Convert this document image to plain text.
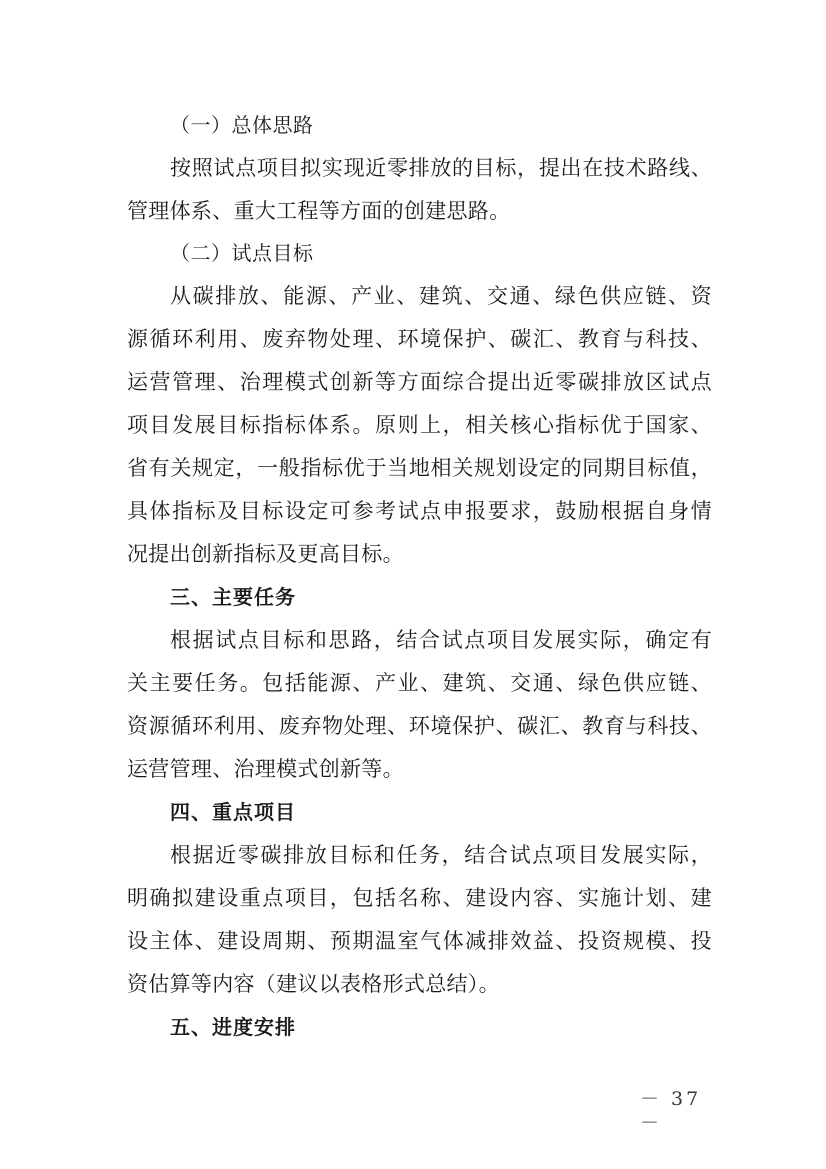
（一）总体思路
按照试点项目拟实现近零排放的目标，提出在技术路线、
管理体系、重大工程等方面的创建思路。
（二）试点目标
从碳排放、能源、产业、建筑、交通、绿色供应链、资
源循环利用、废弃物处理、环境保护、碳汇、教育与科技、
运营管理、治理模式创新等方面综合提出近零碳排放区试点
项目发展目标指标体系。原则上，相关核心指标优于国家、
省有关规定，一般指标优于当地相关规划设定的同期目标值，
具体指标及目标设定可参考试点申报要求，鼓励根据自身情
况提出创新指标及更高目标。
三、主要任务
根据试点目标和思路，结合试点项目发展实际，确定有
关主要任务。包括能源、产业、建筑、交通、绿色供应链、
资源循环利用、废弃物处理、环境保护、碳汇、教育与科技、
运营管理、治理模式创新等。
四、重点项目
根据近零碳排放目标和任务，结合试点项目发展实际，
明确拟建设重点项目，包括名称、建设内容、实施计划、建
设主体、建设周期、预期温室气体减排效益、投资规模、投
资估算等内容（建议以表格形式总结）。
五、进度安排
－ 37 －
